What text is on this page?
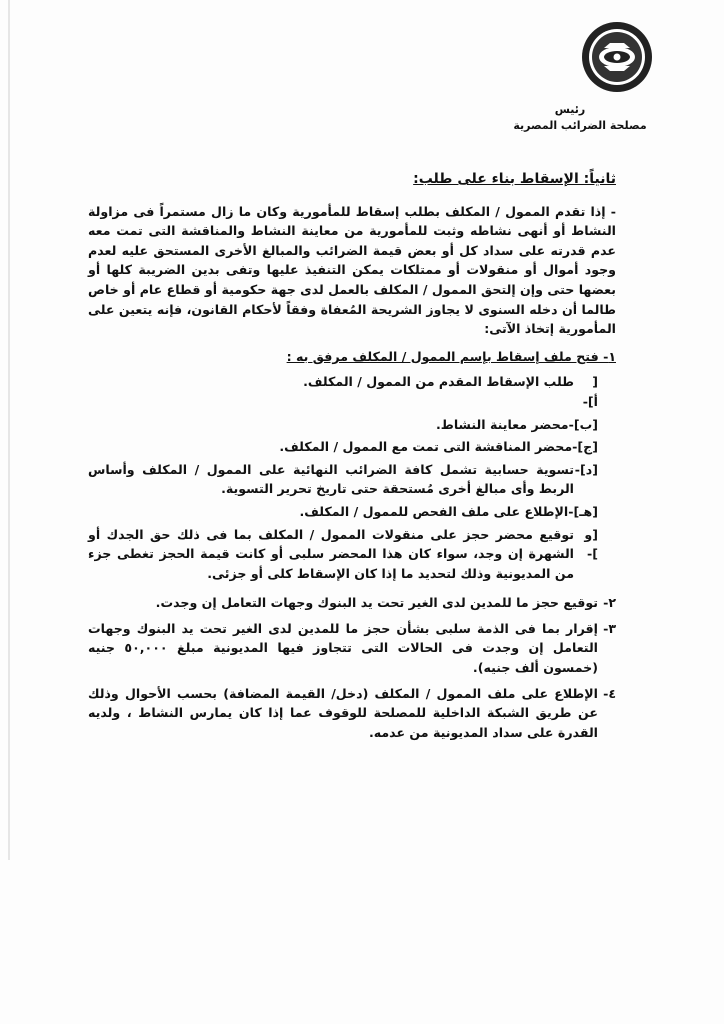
رئيس
مصلحة الضرائب المصرية
ثانياً: الإسقاط بناء على طلب:

- إذا تقدم الممول / المكلف بطلب إسقاط للمأمورية وكان ما زال مستمراً فى مزاولة النشاط أو أنهى نشاطه وثبت للمأمورية من معاينة النشاط والمناقشة التى تمت معه عدم قدرته على سداد كل أو بعض قيمة الضرائب والمبالغ الأخرى المستحق عليه لعدم وجود أموال أو منقولات أو ممتلكات يمكن التنفيذ عليها وتفى بدين الضريبة كلها أو بعضها حتى وإن إلتحق الممول / المكلف بالعمل لدى جهة حكومية أو قطاع عام أو خاص طالما أن دخله السنوى لا يجاوز الشريحة المُعفاة وفقاً لأحكام القانون، فإنه يتعين على المأمورية إتخاذ الآتى:

١- فتح ملف إسقاط بإسم الممول / المكلف مرفق به :
[ أ]-
طلب الإسقاط المقدم من الممول / المكلف.
[ب]-
محضر معاينة النشاط.
[ج]-
محضر المناقشة التى تمت مع الممول / المكلف.
[د]-
تسوية حسابية تشمل كافة الضرائب النهائية على الممول / المكلف وأساس الربط وأى مبالغ أخرى مُستحقة حتى تاريخ تحرير التسوية.
[هـ]-
الإطلاع على ملف الفحص للممول / المكلف.
[و ]-
توقيع محضر حجز على منقولات الممول / المكلف بما فى ذلك حق الجدك أو الشهرة إن وجد، سواء كان هذا المحضر سلبى أو كانت قيمة الحجز تغطى جزء من المديونية وذلك لتحديد ما إذا كان الإسقاط كلى أو جزئى.
٢-
توقيع حجز ما للمدين لدى الغير تحت يد البنوك وجهات التعامل إن وجدت.
٣-
إقرار بما فى الذمة سلبى بشأن حجز ما للمدين لدى الغير تحت يد البنوك وجهات التعامل إن وجدت فى الحالات التى تتجاوز فيها المديونية مبلغ ٥٠,٠٠٠ جنيه (خمسون ألف جنيه).
٤-
الإطلاع على ملف الممول / المكلف (دخل/ القيمة المضافة) بحسب الأحوال وذلك عن طريق الشبكة الداخلية للمصلحة للوقوف عما إذا كان يمارس النشاط ، ولديه القدرة على سداد المديونية من عدمه.
